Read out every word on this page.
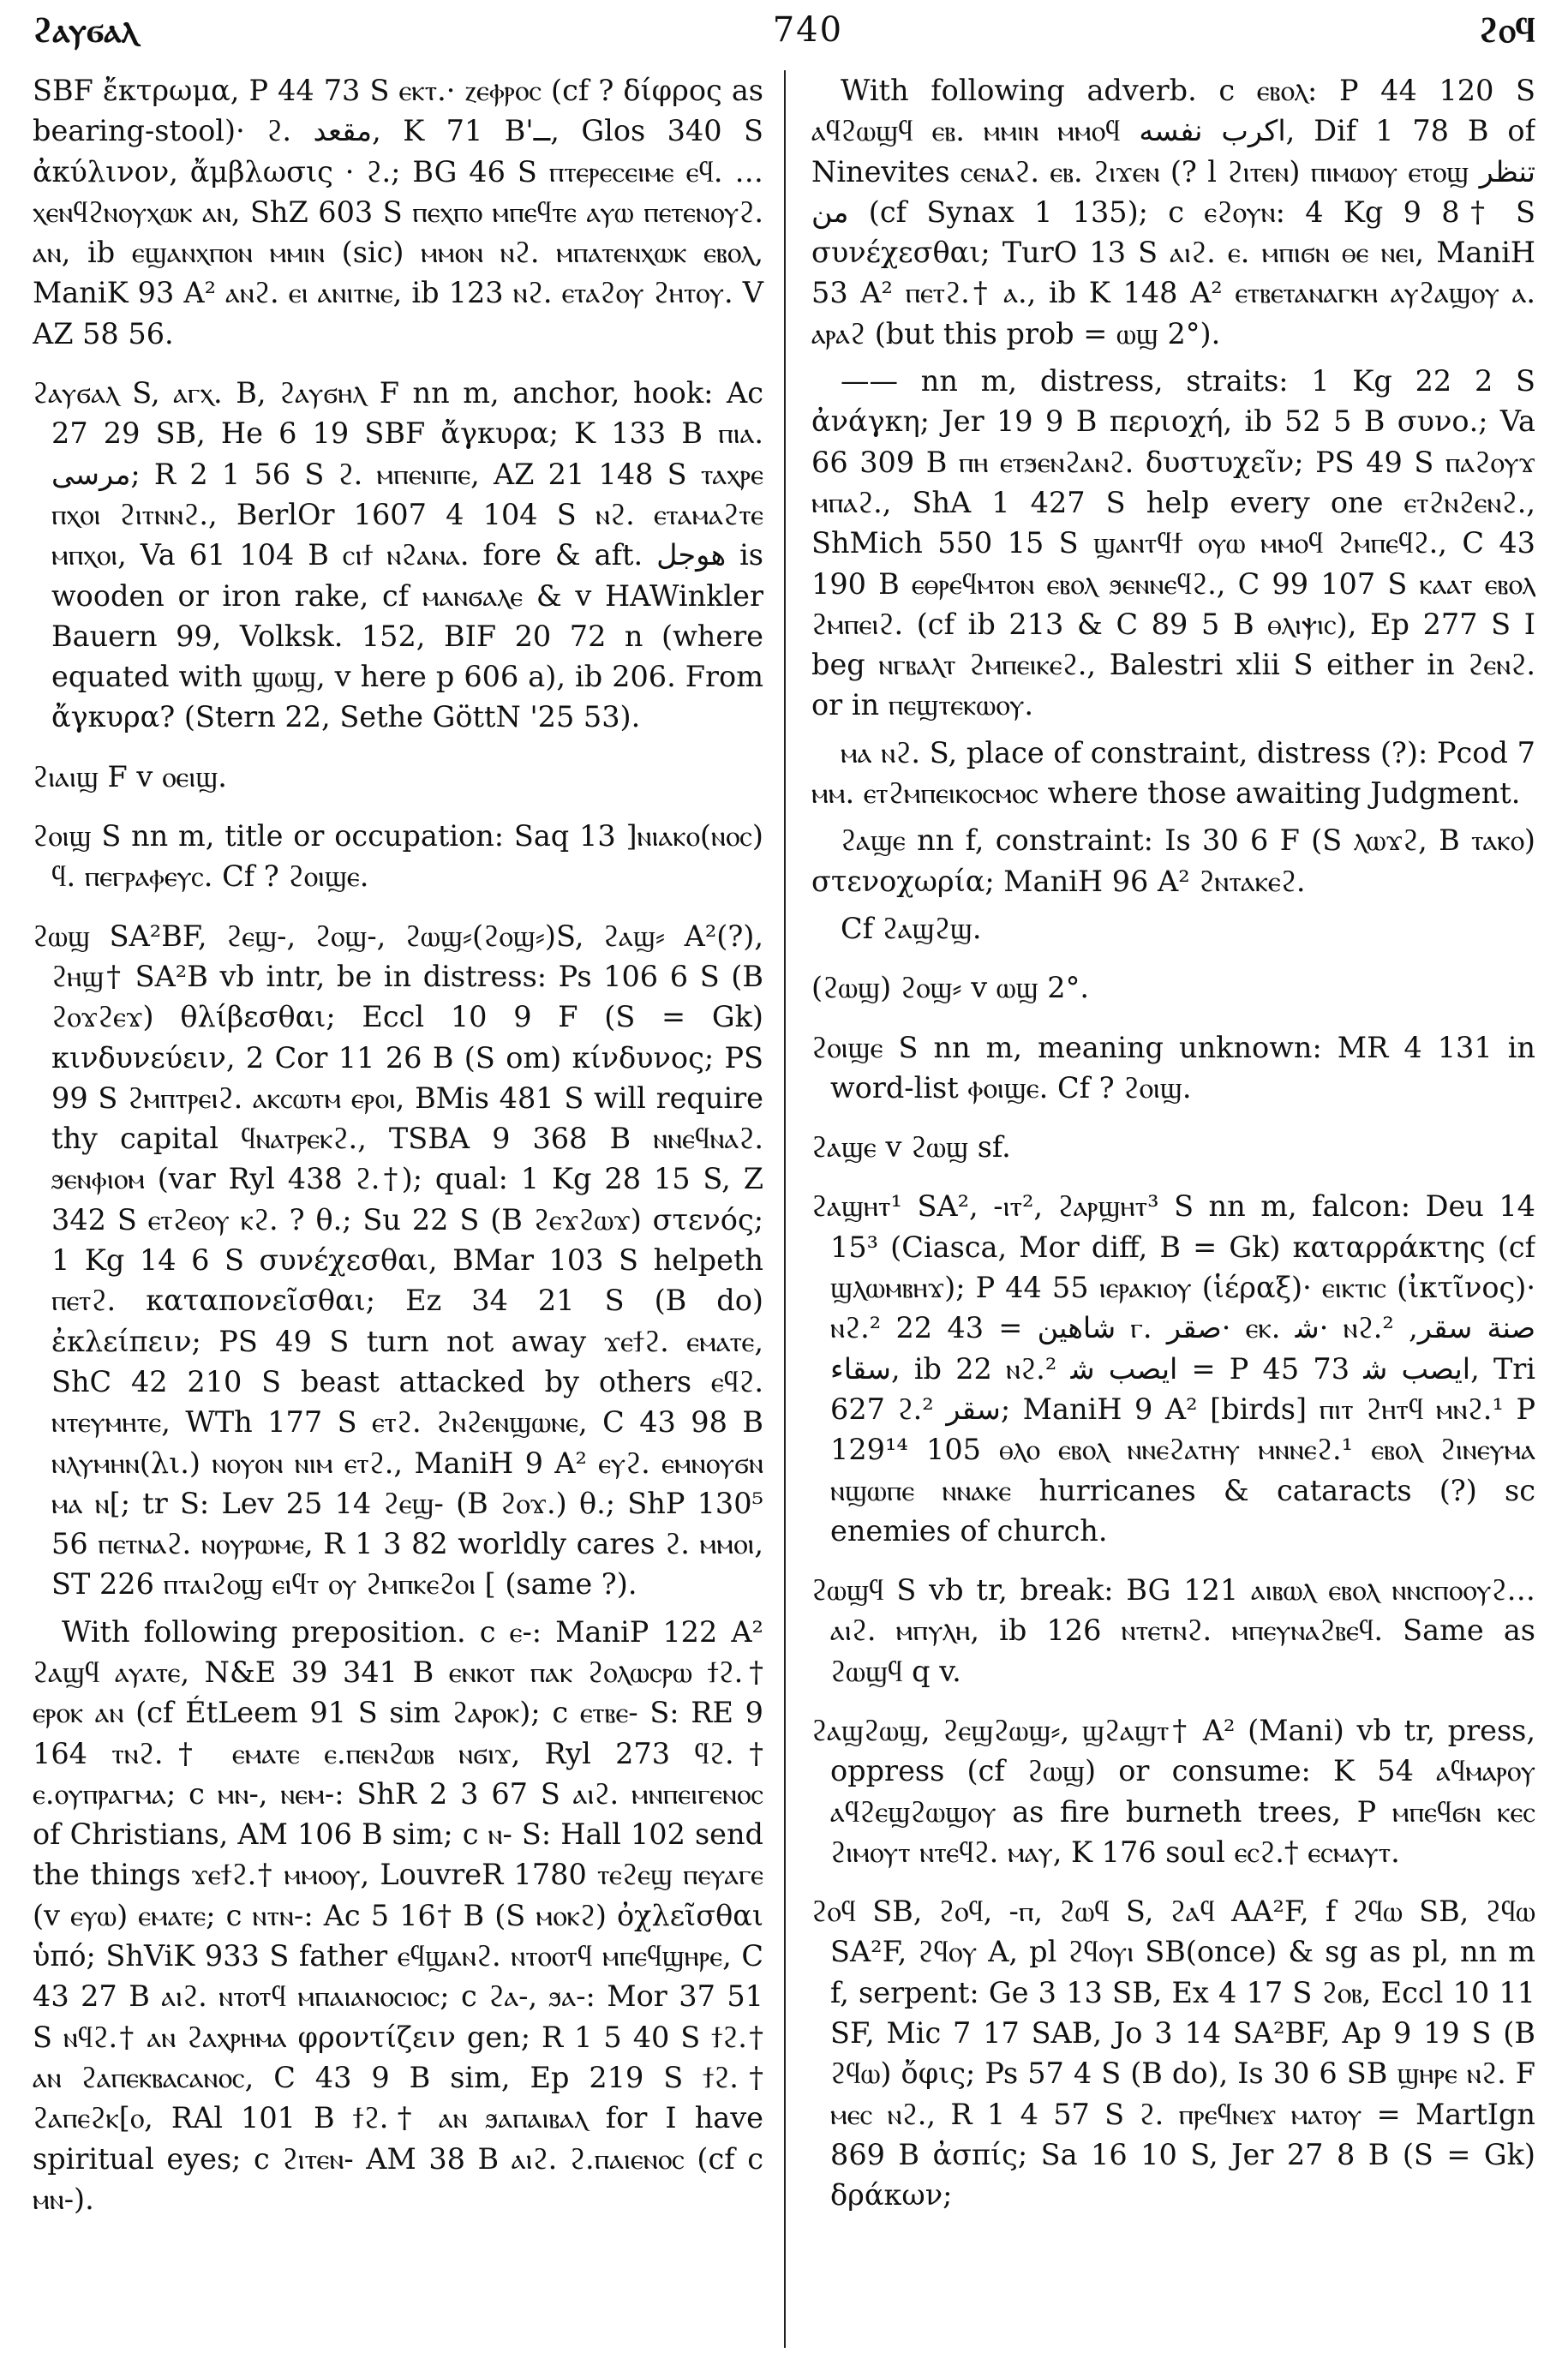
ϩⲁⲩϭⲁⲗ	740	ϩⲟϥ

SBF ἔκτρωμα, P 44 73 S ⲉⲕⲧ.· ⲍⲉⲫⲣⲟⲥ (cf ? δίφρος as bearing-stool)· ϩ. ﻣﻘﻌﺪ, K 71 B'ــ, Glos 340 S ἀκύλινον, ἄμβλωσις · ϩ.; BG 46 S ⲡⲧⲉⲣⲉⲥⲉⲓⲙⲉ ⲉϥ. … ⲭⲉⲛϥϩⲛⲟⲩⲭⲱⲕ ⲁⲛ, ShZ 603 S ⲡⲉⲭⲡⲟ ⲙⲡⲉϥⲧⲉ ⲁⲩⲱ ⲡⲉⲧⲉⲛⲟⲩϩ. ⲁⲛ, ib ⲉϣⲁⲛⲭⲡⲟⲛ ⲙⲙⲓⲛ (sic) ⲙⲙⲟⲛ ⲛϩ. ⲙⲡⲁⲧⲉⲛⲭⲱⲕ ⲉⲃⲟⲗ, ManiK 93 A² ⲁⲛϩ. ⲉⲓ ⲁⲛⲓⲧⲛⲉ, ib 123 ⲛϩ. ⲉⲧⲁϩⲟⲩ ϩⲏⲧⲟⲩ. V AZ 58 56.

ϩⲁⲩϭⲁⲗ S, ⲁⲅⲭ. B, ϩⲁⲩϭⲏⲗ F nn m, anchor, hook: Ac 27 29 SB, He 6 19 SBF ἄγκυρα; K 133 B ⲡⲓⲁ. ﻣﺮﺳﻰ; R 2 1 56 S ϩ. ⲙⲡⲉⲛⲓⲡⲉ, AZ 21 148 S ⲧⲁⲭⲣⲉ ⲡⲭⲟⲓ ϩⲓⲧⲛⲛϩ., BerlOr 1607 4 104 S ⲛϩ. ⲉⲧⲁⲙⲁϩⲧⲉ ⲙⲡⲭⲟⲓ, Va 61 104 B ⲥⲓϯ ⲛϩⲁⲛⲁ. fore & aft. ﻫﻮﺟﻞ is wooden or iron rake, cf ⲙⲁⲛϭⲁⲗⲉ & v HAWinkler Bauern 99, Volksk. 152, BIF 20 72 n (where equated with ϣⲱϣ, v here p 606 a), ib 206. From ἄγκυρα? (Stern 22, Sethe GöttN '25 53).

ϩⲓⲁⲓϣ F v ⲟⲉⲓϣ.

ϩⲟⲓϣ S nn m, title or occupation: Saq 13 ]ⲛⲓⲁⲕⲟ(ⲛⲟⲥ) ϥ. ⲡⲉⲅⲣⲁⲫⲉⲩⲥ. Cf ? ϩⲟⲓϣⲉ.

ϩⲱϣ SA²BF, ϩⲉϣ-, ϩⲟϣ-, ϩⲱϣ⸗(ϩⲟϣ⸗)S, ϩⲁϣ⸗ A²(?), ϩⲏϣ† SA²B vb intr, be in distress: Ps 106 6 S (B ϩⲟϫϩⲉϫ) θλίβεσθαι; Eccl 10 9 F (S = Gk) κινδυνεύειν, 2 Cor 11 26 B (S om) κίνδυνος; PS 99 S ϩⲙⲡⲧⲣⲉⲓϩ. ⲁⲕⲥⲱⲧⲙ ⲉⲣⲟⲓ, BMis 481 S will require thy capital ϥⲛⲁⲧⲣⲉⲕϩ., TSBA 9 368 B ⲛⲛⲉϥⲛⲁϩ. ϧⲉⲛⲫⲓⲟⲙ (var Ryl 438 ϩ.†); qual: 1 Kg 28 15 S, Z 342 S ⲉⲧϩⲉⲟⲩ ⲕϩ. ? θ.; Su 22 S (B ϩⲉϫϩⲱϫ) στενός; 1 Kg 14 6 S συνέχεσθαι, BMar 103 S helpeth ⲡⲉⲧϩ. καταπονεῖσθαι; Ez 34 21 S (B do) ἐκλείπειν; PS 49 S turn not away ϫⲉϯϩ. ⲉⲙⲁⲧⲉ, ShC 42 210 S beast attacked by others ⲉϥϩ. ⲛⲧⲉⲩⲙⲏⲧⲉ, WTh 177 S ⲉⲧϩ. ϩⲛϩⲉⲛϣⲱⲛⲉ, C 43 98 B ⲛⲗⲩⲙⲏⲛ(λι.) ⲛⲟⲩⲟⲛ ⲛⲓⲙ ⲉⲧϩ., ManiH 9 A² ⲉⲩϩ. ⲉⲙⲛⲟⲩϭⲛ ⲙⲁ ⲛ[; tr S: Lev 25 14 ϩⲉϣ- (B ϩⲟϫ.) θ.; ShP 130⁵ 56 ⲡⲉⲧⲛⲁϩ. ⲛⲟⲩⲣⲱⲙⲉ, R 1 3 82 worldly cares ϩ. ⲙⲙⲟⲓ, ST 226 ⲡⲧⲁⲓϩⲟϣ ⲉⲓϥⲧ ⲟⲩ ϩⲙⲡⲕⲉϩⲟⲓ [ (same ?).

With following preposition. c ⲉ-: ManiP 122 A² ϩⲁϣϥ ⲁⲩⲁⲧⲉ, N&E 39 341 B ⲉⲛⲕⲟⲧ ⲡⲁⲕ ϩⲟⲗⲱⲥⲣⲱ ϯϩ.† ⲉⲣⲟⲕ ⲁⲛ (cf ÉtLeem 91 S sim ϩⲁⲣⲟⲕ); c ⲉⲧⲃⲉ- S: RE 9 164 ⲧⲛϩ.† ⲉⲙⲁⲧⲉ ⲉ.ⲡⲉⲛϩⲱⲃ ⲛϭⲓϫ, Ryl 273 ϥϩ.† ⲉ.ⲟⲩⲡⲣⲁⲅⲙⲁ; c ⲙⲛ-, ⲛⲉⲙ-: ShR 2 3 67 S ⲁⲓϩ. ⲙⲛⲡⲉⲓⲅⲉⲛⲟⲥ of Christians, AM 106 B sim; c ⲛ- S: Hall 102 send the things ϫⲉϯϩ.† ⲙⲙⲟⲟⲩ, LouvreR 1780 ⲧⲉϩⲉϣ ⲡⲉⲩⲁⲅⲉ (v ⲉⲩⲱ) ⲉⲙⲁⲧⲉ; c ⲛⲧⲛ-: Ac 5 16† B (S ⲙⲟⲕϩ) ὀχλεῖσθαι ὑπό; ShViK 933 S father ⲉϥϣⲁⲛϩ. ⲛⲧⲟⲟⲧϥ ⲙⲡⲉϥϣⲏⲣⲉ, C 43 27 B ⲁⲓϩ. ⲛⲧⲟⲧϥ ⲙⲡⲁⲓⲁⲛⲟⲥⲓⲟⲥ; c ϩⲁ-, ϧⲁ-: Mor 37 51 S ⲛϥϩ.† ⲁⲛ ϩⲁⲭⲣⲏⲙⲁ φροντίζειν gen; R 1 5 40 S ϯϩ.† ⲁⲛ ϩⲁⲡⲉⲕⲃⲁⲥⲁⲛⲟⲥ, C 43 9 B sim, Ep 219 S ϯϩ.† ϩⲁⲡⲉϩⲕ[ⲟ, RAl 101 B ϯϩ.† ⲁⲛ ϧⲁⲡⲁⲓⲃⲁⲗ for I have spiritual eyes; c ϩⲓⲧⲉⲛ- AM 38 B ⲁⲓϩ. ϩ.ⲡⲁⲓⲉⲛⲟⲥ (cf c ⲙⲛ-).

With following adverb. c ⲉⲃⲟⲗ: P 44 120 S ⲁϥϩⲱϣϥ ⲉⲃ. ⲙⲙⲓⲛ ⲙⲙⲟϥ ﺍﻛﺮﺏ ﻧﻔﺴﻪ, Dif 1 78 B of Ninevites ⲥⲉⲛⲁϩ. ⲉⲃ. ϩⲓϫⲉⲛ (? l ϩⲓⲧⲉⲛ) ⲡⲓⲙⲱⲟⲩ ⲉⲧⲟϣ ﺗﻨﻈﺮ ﻣﻦ (cf Synax 1 135); c ⲉϩⲟⲩⲛ: 4 Kg 9 8† S συνέχεσθαι; TurO 13 S ⲁⲓϩ. ⲉ. ⲙⲡⲓϭⲛ ⲑⲉ ⲛⲉⲓ, ManiH 53 A² ⲡⲉⲧϩ.† ⲁ., ib K 148 A² ⲉⲧⲃⲉⲧⲁⲛⲁⲅⲕⲏ ⲁⲩϩⲁϣⲟⲩ ⲁ. ⲁⲣⲁϩ (but this prob = ⲱϣ 2°).

—— nn m, distress, straits: 1 Kg 22 2 S ἀνάγκη; Jer 19 9 B περιοχή, ib 52 5 B συνο.; Va 66 309 B ⲡⲏ ⲉⲧϧⲉⲛϩⲁⲛϩ. δυστυχεῖν; PS 49 S ⲡⲁϩⲟⲩϫ ⲙⲡⲁϩ., ShA 1 427 S help every one ⲉⲧϩⲛϩⲉⲛϩ., ShMich 550 15 S ϣⲁⲛⲧϥϯ ⲟⲩⲱ ⲙⲙⲟϥ ϩⲙⲡⲉϥϩ., C 43 190 B ⲉⲑⲣⲉϥⲙⲧⲟⲛ ⲉⲃⲟⲗ ϧⲉⲛⲛⲉϥϩ., C 99 107 S ⲕⲁⲁⲧ ⲉⲃⲟⲗ ϩⲙⲡⲉⲓϩ. (cf ib 213 & C 89 5 B ⲑⲗⲓⲯⲓⲥ), Ep 277 S I beg ⲛⲅⲃⲁⲗⲧ ϩⲙⲡⲉⲓⲕⲉϩ., Balestri xlii S either in ϩⲉⲛϩ. or in ⲡⲉϣⲧⲉⲕⲱⲟⲩ.

ⲙⲁ ⲛϩ. S, place of constraint, distress (?): Pcod 7 ⲙⲙ. ⲉⲧϩⲙⲡⲉⲓⲕⲟⲥⲙⲟⲥ where those awaiting Judgment.

ϩⲁϣⲉ nn f, constraint: Is 30 6 F (S ⲗⲱϫϩ, B ⲧⲁⲕⲟ) στενοχωρία; ManiH 96 A² ϩⲛⲧⲁⲕⲉϩ.

Cf ϩⲁϣϩϣ.

(ϩⲱϣ) ϩⲟϣ⸗ v ⲱϣ 2°.

ϩⲟⲓϣⲉ S nn m, meaning unknown: MR 4 131 in word-list ⲫⲟⲓϣⲉ. Cf ? ϩⲟⲓϣ.

ϩⲁϣⲉ v ϩⲱϣ sf.

ϩⲁϣⲏⲧ¹ SA², -ⲓⲧ², ϩⲁⲣϣⲏⲧ³ S nn m, falcon: Deu 14 15³ (Ciasca, Mor diff, B = Gk) καταρράκτης (cf ϣⲗⲱⲙⲃⲏϫ); P 44 55 ⲓⲉⲣⲁⲕⲓⲟⲩ (ἱέραξ)· ⲉⲓⲕⲧⲓⲥ (ἰκτῖνος)· ⲛϩ.² ﺷﺎﻫﻴﻦ = 43 22 ⲅ. ﺻﻘﺮ· ⲉⲕ. ﺷ· ⲛϩ.² ﺻﻨﺔ ﺳﻘﺮ, ﺳﻘﺎﺀ, ib 22 ⲛϩ.² ﺍﻳﺼﺐ ﺷ = P 45 73 ﺍﻳﺼﺐ ﺷ, Tri 627 ϩ.² ﺳﻘﺮ; ManiH 9 A² [birds] ⲡⲓⲧ ϩⲏⲧϥ ⲙⲛϩ.¹ P 129¹⁴ 105 ⲑⲗⲟ ⲉⲃⲟⲗ ⲛⲛⲉϩⲁⲧⲏⲩ ⲙⲛⲛⲉϩ.¹ ⲉⲃⲟⲗ ϩⲓⲛⲉⲩⲙⲁ ⲛϣⲱⲡⲉ ⲛⲛⲁⲕⲉ hurricanes & cataracts (?) sc enemies of church.

ϩⲱϣϥ S vb tr, break: BG 121 ⲁⲓⲃⲱⲗ ⲉⲃⲟⲗ ⲛⲛⲥⲡⲟⲟⲩϩ…ⲁⲓϩ. ⲙⲡⲩⲗⲏ, ib 126 ⲛⲧⲉⲧⲛϩ. ⲙⲡⲉⲩⲛⲁϩⲃⲉϥ. Same as ϩⲱϣϥ q v.

ϩⲁϣϩⲱϣ, ϩⲉϣϩⲱϣ⸗, ϣϩⲁϣⲧ† A² (Mani) vb tr, press, oppress (cf ϩⲱϣ) or consume: K 54 ⲁϥⲙⲁⲣⲟⲩ ⲁϥϩⲉϣϩⲱϣⲟⲩ as fire burneth trees, P ⲙⲡⲉϥϭⲛ ⲕⲉⲥ ϩⲓⲙⲟⲩⲧ ⲛⲧⲉϥϩ. ⲙⲁⲩ, K 176 soul ⲉⲥϩ.† ⲉⲥⲙⲁⲩⲧ.

ϩⲟϥ SB, ϩⲟϥ, -ⲡ, ϩⲱϥ S, ϩⲁϥ AA²F, f ϩϥⲱ SB, ϩϥⲱ SA²F, ϩϥⲟⲩ A, pl ϩϥⲟⲩⲓ SB(once) & sg as pl, nn m f, serpent: Ge 3 13 SB, Ex 4 17 S ϩⲟⲃ, Eccl 10 11 SF, Mic 7 17 SAB, Jo 3 14 SA²BF, Ap 9 19 S (B ϩϥⲱ) ὄφις; Ps 57 4 S (B do), Is 30 6 SB ϣⲏⲣⲉ ⲛϩ. F ⲙⲉⲥ ⲛϩ., R 1 4 57 S ϩ. ⲡⲣⲉϥⲛⲉϫ ⲙⲁⲧⲟⲩ = MartIgn 869 B ἀσπίς; Sa 16 10 S, Jer 27 8 B (S = Gk) δράκων;
